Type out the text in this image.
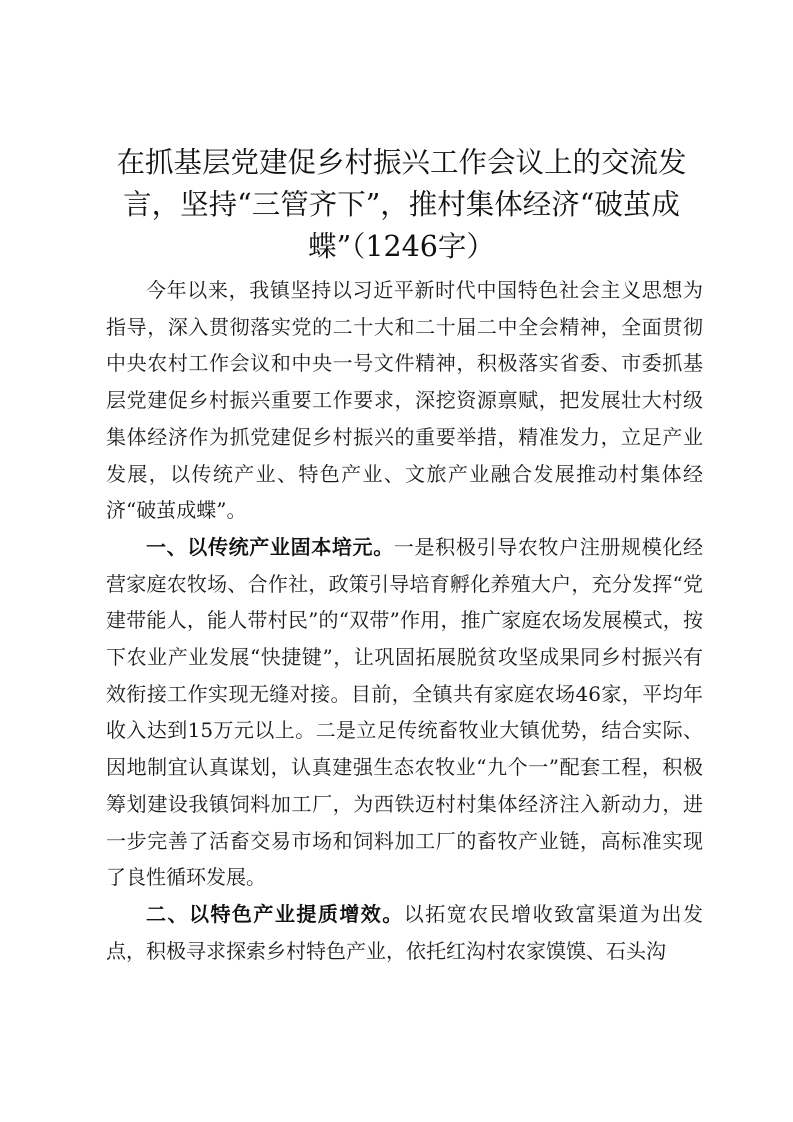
在抓基层党建促乡村振兴工作会议上的交流发言，坚持“三管齐下”，推村集体经济“破茧成蝶”（1246字）

今年以来，我镇坚持以习近平新时代中国特色社会主义思想为指导，深入贯彻落实党的二十大和二十届二中全会精神，全面贯彻中央农村工作会议和中央一号文件精神，积极落实省委、市委抓基层党建促乡村振兴重要工作要求，深挖资源禀赋，把发展壮大村级集体经济作为抓党建促乡村振兴的重要举措，精准发力，立足产业发展，以传统产业、特色产业、文旅产业融合发展推动村集体经济“破茧成蝶”。

一、以传统产业固本培元。一是积极引导农牧户注册规模化经营家庭农牧场、合作社，政策引导培育孵化养殖大户，充分发挥“党建带能人，能人带村民”的“双带”作用，推广家庭农场发展模式，按下农业产业发展“快捷键”，让巩固拓展脱贫攻坚成果同乡村振兴有效衔接工作实现无缝对接。目前，全镇共有家庭农场46家，平均年收入达到15万元以上。二是立足传统畜牧业大镇优势，结合实际、因地制宜认真谋划，认真建强生态农牧业“九个一”配套工程，积极筹划建设我镇饲料加工厂，为西铁迈村村集体经济注入新动力，进一步完善了活畜交易市场和饲料加工厂的畜牧产业链，高标准实现了良性循环发展。

二、以特色产业提质增效。以拓宽农民增收致富渠道为出发点，积极寻求探索乡村特色产业，依托红沟村农家馍馍、石头沟
